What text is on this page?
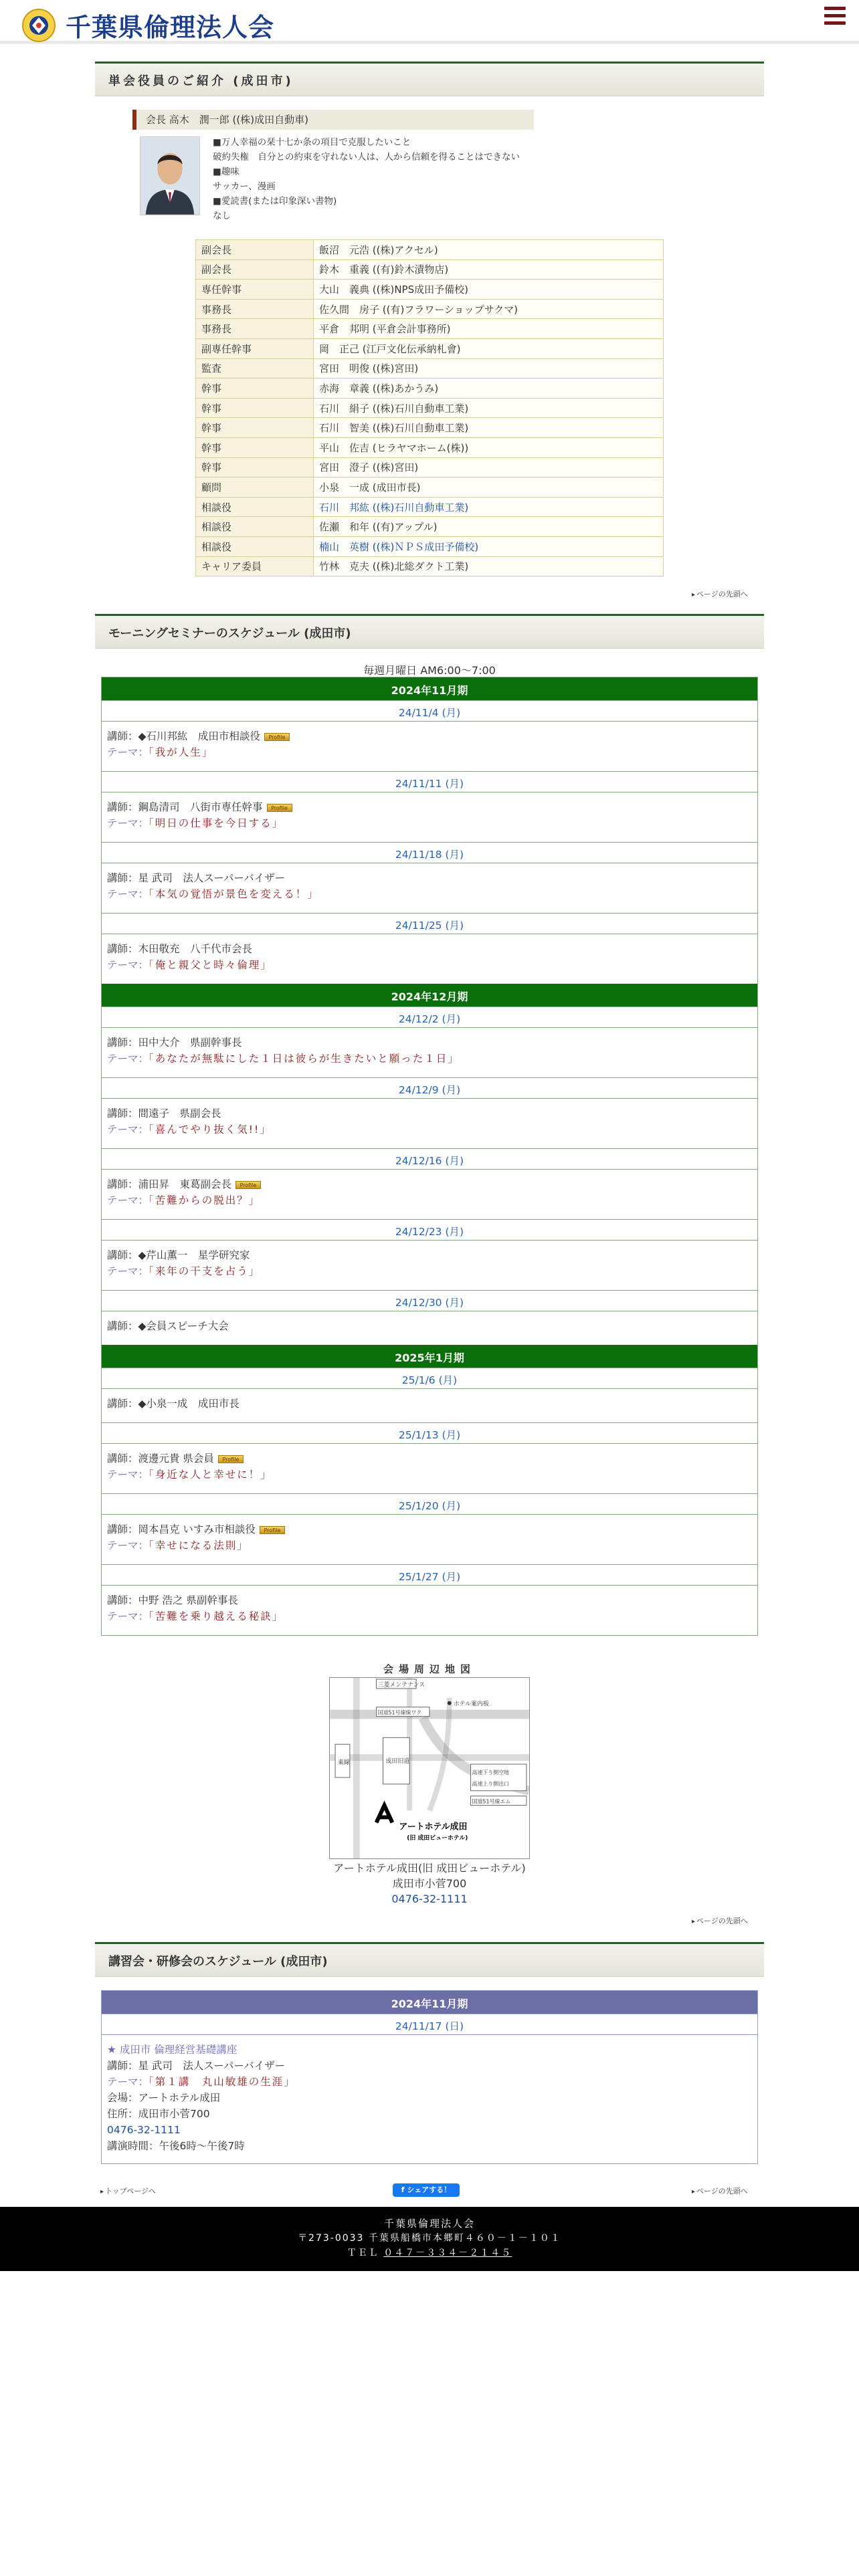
千葉県倫理法人会
単会役員のご紹介 (成田市)
会長 高木　潤一郎 ((株)成田自動車)
■万人幸福の栞十七か条の項目で克服したいこと
破約失権　自分との約束を守れない人は、人から信頼を得ることはできない
■趣味
サッカー、漫画
■愛読書(または印象深い書物)
なし
副会長	飯沼　元浩 ((株)アクセル)
副会長	鈴木　重義 ((有)鈴木漬物店)
専任幹事	大山　義典 ((株)NPS成田予備校)
事務長	佐久間　房子 ((有)フラワーショップサクマ)
事務長	平倉　邦明 (平倉会計事務所)
副専任幹事	岡　正己 (江戸文化伝承納札會)
監査	宮田　明俊 ((株)宮田)
幹事	赤海　章義 ((株)あかうみ)
幹事	石川　絹子 ((株)石川自動車工業)
幹事	石川　智美 ((株)石川自動車工業)
幹事	平山　佐吉 (ヒラヤマホーム(株))
幹事	宮田　澄子 ((株)宮田)
顧問	小泉　一成 (成田市長)
相談役	石川　邦紘 ((株)石川自動車工業)
相談役	佐瀬　和年 ((有)アップル)
相談役	楠山　英樹 ((株)ＮＰＳ成田予備校)
キャリア委員	竹林　克夫 ((株)北総ダクト工業)
▸ ページの先頭へ
モーニングセミナーのスケジュール (成田市)
毎週月曜日 AM6:00〜7:00
2024年11月期
24/11/4 (月)
講師：◆石川邦紘　成田市相談役 Profile
テーマ：「我が人生」
24/11/11 (月)
講師：鋼島清司　八街市専任幹事 Profile
テーマ：「明日の仕事を今日する」
24/11/18 (月)
講師：星 武司　法人スーパーバイザー
テーマ：「本気の覚悟が景色を変える！」
24/11/25 (月)
講師：木田敬充　八千代市会長
テーマ：「俺と親父と時々倫理」
2024年12月期
24/12/2 (月)
講師：田中大介　県副幹事長
テーマ：「あなたが無駄にした１日は彼らが生きたいと願った１日」
24/12/9 (月)
講師：間遠子　県副会長
テーマ：「喜んでやり抜く気!!」
24/12/16 (月)
講師：浦田昇　東葛副会長 Profile
テーマ：「苦難からの脱出？」
24/12/23 (月)
講師：◆芹山薫一　星学研究家
テーマ：「来年の干支を占う」
24/12/30 (月)
講師：◆会員スピーチ大会
2025年1月期
25/1/6 (月)
講師：◆小泉一成　成田市長
25/1/13 (月)
講師：渡邊元貴 県会員 Profile
テーマ：「身近な人と幸せに！」
25/1/20 (月)
講師：岡本昌克 いすみ市相談役 Profile
テーマ：「幸せになる法則」
25/1/27 (月)
講師：中野 浩之 県副幹事長
テーマ：「苦難を乗り越える秘訣」
会場周辺地図
三菱メンテナンス
ホテル案内板
国道51号線線ワク
東線	成田旧道
高速下り側空地
高速上り側出口
国道51号線エム
アートホテル成田
(旧 成田ビューホテル)
アートホテル成田(旧 成田ビューホテル)
成田市小菅700
0476-32-1111
▸ ページの先頭へ
講習会・研修会のスケジュール (成田市)
2024年11月期
24/11/17 (日)
★ 成田市 倫理経営基礎講座
講師：星 武司　法人スーパーバイザー
テーマ：「第１講　丸山敏雄の生涯」
会場：アートホテル成田
住所：成田市小菅700
0476-32-1111
講演時間：午後6時〜午後7時
▸ トップページへ	f シェアする！	▸ ページの先頭へ
千葉県倫理法人会
〒273-0033 千葉県船橋市本郷町４６０－１－１０１
ＴＥＬ ０４７－３３４－２１４５
